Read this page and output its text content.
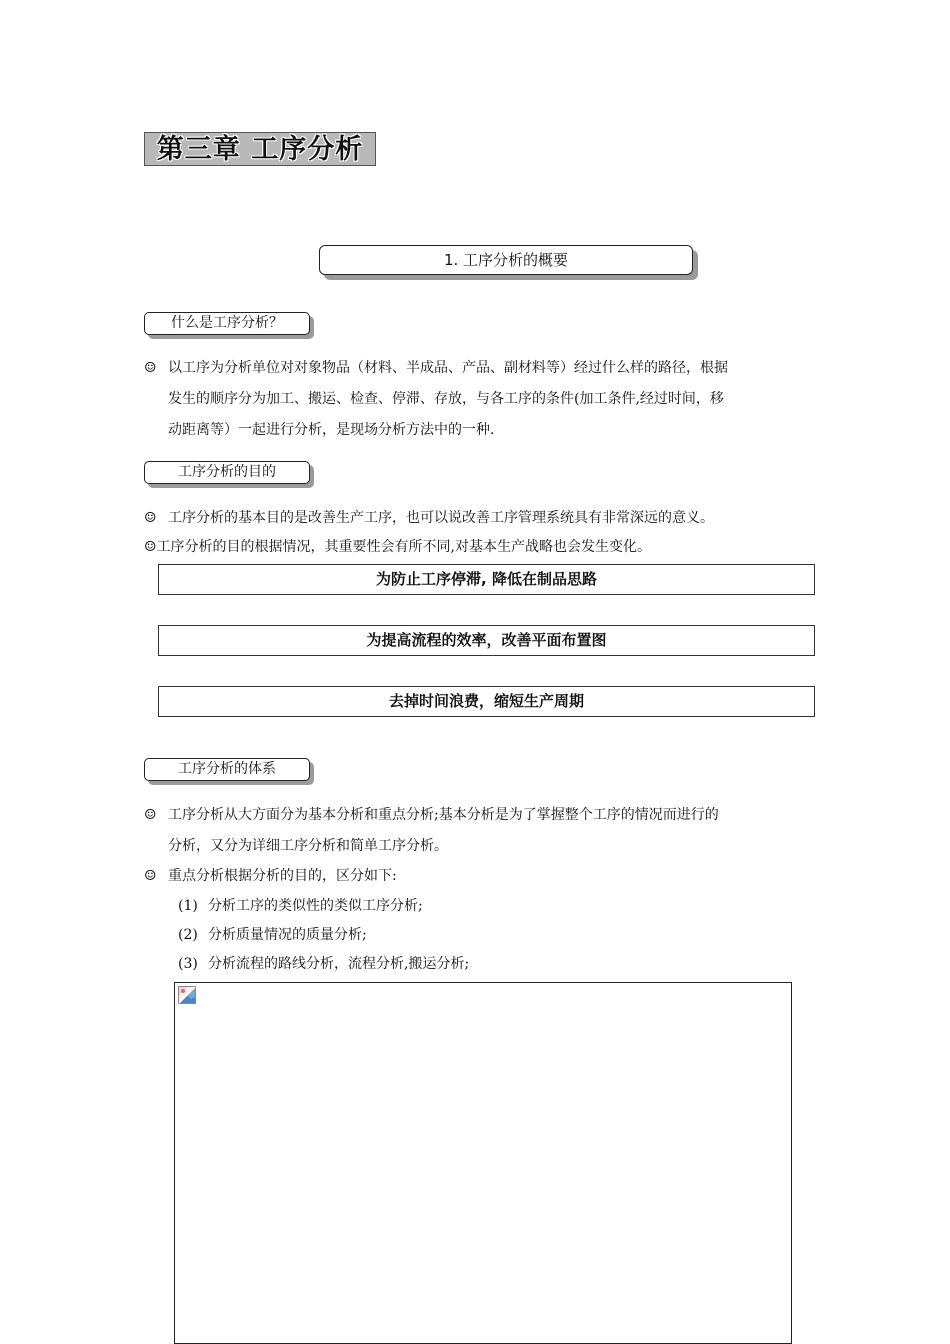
第三章 工序分析
1. 工序分析的概要
什么是工序分析？
☺ 以工序为分析单位对对象物品（材料、半成品、产品、副材料等）经过什么样的路径，根据
发生的顺序分为加工、搬运、检查、停滞、存放，与各工序的条件(加工条件,经过时间，移
动距离等）一起进行分析，是现场分析方法中的一种.
工序分析的目的
☺ 工序分析的基本目的是改善生产工序，也可以说改善工序管理系统具有非常深远的意义。
☺工序分析的目的根据情况，其重要性会有所不同,对基本生产战略也会发生变化。
为防止工序停滞, 降低在制品思路
为提高流程的效率，改善平面布置图
去掉时间浪费，缩短生产周期
工序分析的体系
☺ 工序分析从大方面分为基本分析和重点分析;基本分析是为了掌握整个工序的情况而进行的
分析，又分为详细工序分析和简单工序分析。
☺ 重点分析根据分析的目的，区分如下:
(1) 分析工序的类似性的类似工序分析;
(2) 分析质量情况的质量分析;
(3) 分析流程的路线分析，流程分析,搬运分析;
